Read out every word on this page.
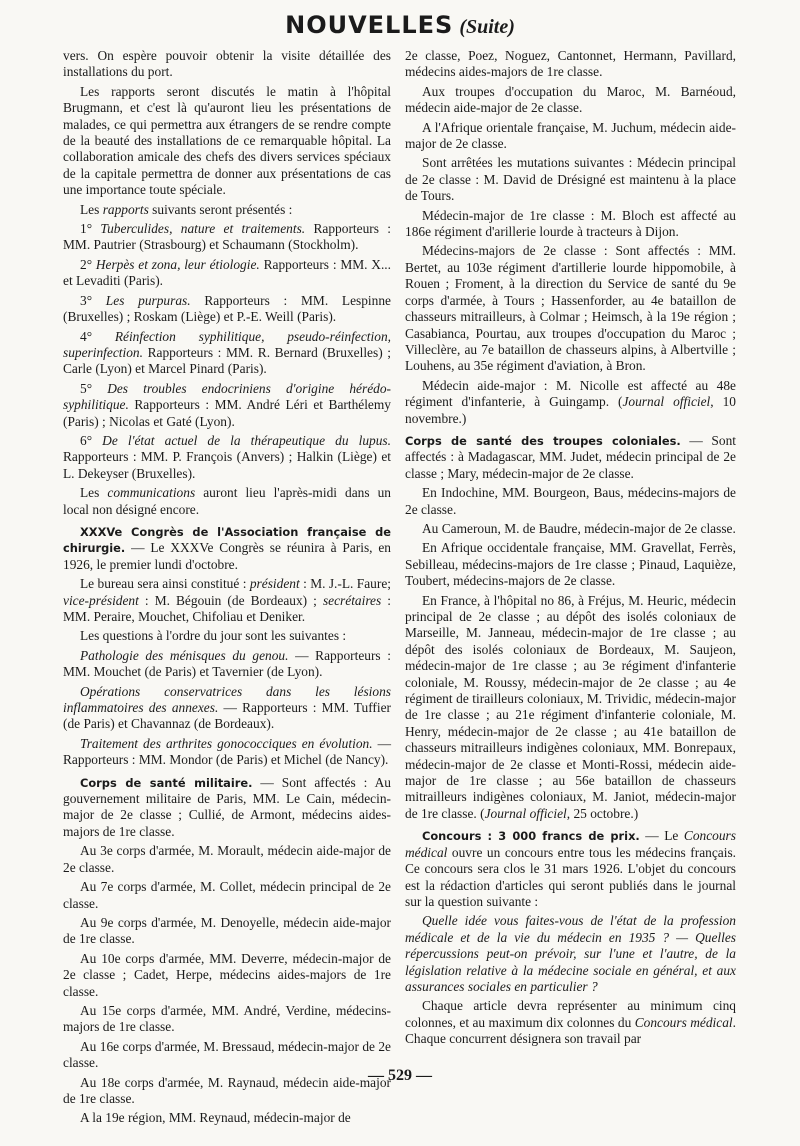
NOUVELLES (Suite)

vers. On espère pouvoir obtenir la visite détaillée des installations du port.

Les rapports seront discutés le matin à l'hôpital Brugmann, et c'est là qu'auront lieu les présentations de malades, ce qui permettra aux étrangers de se rendre compte de la beauté des installations de ce remarquable hôpital. La collaboration amicale des chefs des divers services spéciaux de la capitale permettra de donner aux présentations de cas une importance toute spéciale.

Les rapports suivants seront présentés :

1° Tuberculides, nature et traitements. Rapporteurs : MM. Pautrier (Strasbourg) et Schaumann (Stockholm).

2° Herpès et zona, leur étiologie. Rapporteurs : MM. X... et Levaditi (Paris).

3° Les purpuras. Rapporteurs : MM. Lespinne (Bruxelles) ; Roskam (Liège) et P.-E. Weill (Paris).

4° Réinfection syphilitique, pseudo-réinfection, superinfection. Rapporteurs : MM. R. Bernard (Bruxelles) ; Carle (Lyon) et Marcel Pinard (Paris).

5° Des troubles endocriniens d'origine hérédo-syphilitique. Rapporteurs : MM. André Léri et Barthélemy (Paris) ; Nicolas et Gaté (Lyon).

6° De l'état actuel de la thérapeutique du lupus. Rapporteurs : MM. P. François (Anvers) ; Halkin (Liège) et L. Dekeyser (Bruxelles).

Les communications auront lieu l'après-midi dans un local non désigné encore.

XXXVe Congrès de l'Association française de chirurgie. — Le XXXVe Congrès se réunira à Paris, en 1926, le premier lundi d'octobre.

Le bureau sera ainsi constitué : président : M. J.-L. Faure; vice-président : M. Bégouin (de Bordeaux) ; secrétaires : MM. Peraire, Mouchet, Chifoliau et Deniker.

Les questions à l'ordre du jour sont les suivantes :

Pathologie des ménisques du genou. — Rapporteurs : MM. Mouchet (de Paris) et Tavernier (de Lyon).

Opérations conservatrices dans les lésions inflammatoires des annexes. — Rapporteurs : MM. Tuffier (de Paris) et Chavannaz (de Bordeaux).

Traitement des arthrites gonococciques en évolution. — Rapporteurs : MM. Mondor (de Paris) et Michel (de Nancy).

Corps de santé militaire. — Sont affectés : Au gouvernement militaire de Paris, MM. Le Cain, médecin-major de 2e classe ; Cullié, de Armont, médecins aides-majors de 1re classe.

Au 3e corps d'armée, M. Morault, médecin aide-major de 2e classe.

Au 7e corps d'armée, M. Collet, médecin principal de 2e classe.

Au 9e corps d'armée, M. Denoyelle, médecin aide-major de 1re classe.

Au 10e corps d'armée, MM. Deverre, médecin-major de 2e classe ; Cadet, Herpe, médecins aides-majors de 1re classe.

Au 15e corps d'armée, MM. André, Verdine, médecins-majors de 1re classe.

Au 16e corps d'armée, M. Bressaud, médecin-major de 2e classe.

Au 18e corps d'armée, M. Raynaud, médecin aide-major de 1re classe.

A la 19e région, MM. Reynaud, médecin-major de

2e classe, Poez, Noguez, Cantonnet, Hermann, Pavillard, médecins aides-majors de 1re classe.

Aux troupes d'occupation du Maroc, M. Barnéoud, médecin aide-major de 2e classe.

A l'Afrique orientale française, M. Juchum, médecin aide-major de 2e classe.

Sont arrêtées les mutations suivantes : Médecin principal de 2e classe : M. David de Drésigné est maintenu à la place de Tours.

Médecin-major de 1re classe : M. Bloch est affecté au 186e régiment d'arillerie lourde à tracteurs à Dijon.

Médecins-majors de 2e classe : Sont affectés : MM. Bertet, au 103e régiment d'artillerie lourde hippomobile, à Rouen ; Froment, à la direction du Service de santé du 9e corps d'armée, à Tours ; Hassenforder, au 4e bataillon de chasseurs mitrailleurs, à Colmar ; Heimsch, à la 19e région ; Casabianca, Pourtau, aux troupes d'occupation du Maroc ; Villeclère, au 7e bataillon de chasseurs alpins, à Albertville ; Louhens, au 35e régiment d'aviation, à Bron.

Médecin aide-major : M. Nicolle est affecté au 48e régiment d'infanterie, à Guingamp. (Journal officiel, 10 novembre.)

Corps de santé des troupes coloniales. — Sont affectés : à Madagascar, MM. Judet, médecin principal de 2e classe ; Mary, médecin-major de 2e classe.

En Indochine, MM. Bourgeon, Baus, médecins-majors de 2e classe.

Au Cameroun, M. de Baudre, médecin-major de 2e classe.

En Afrique occidentale française, MM. Gravellat, Ferrès, Sebilleau, médecins-majors de 1re classe ; Pinaud, Laquièze, Toubert, médecins-majors de 2e classe.

En France, à l'hôpital no 86, à Fréjus, M. Heuric, médecin principal de 2e classe ; au dépôt des isolés coloniaux de Marseille, M. Janneau, médecin-major de 1re classe ; au dépôt des isolés coloniaux de Bordeaux, M. Saujeon, médecin-major de 1re classe ; au 3e régiment d'infanterie coloniale, M. Roussy, médecin-major de 2e classe ; au 4e régiment de tirailleurs coloniaux, M. Trividic, médecin-major de 1re classe ; au 21e régiment d'infanterie coloniale, M. Henry, médecin-major de 2e classe ; au 41e bataillon de chasseurs mitrailleurs indigènes coloniaux, MM. Bonrepaux, médecin-major de 2e classe et Monti-Rossi, médecin aide-major de 1re classe ; au 56e bataillon de chasseurs mitrailleurs indigènes coloniaux, M. Janiot, médecin-major de 1re classe. (Journal officiel, 25 octobre.)

Concours : 3 000 francs de prix. — Le Concours médical ouvre un concours entre tous les médecins français. Ce concours sera clos le 31 mars 1926. L'objet du concours est la rédaction d'articles qui seront publiés dans le journal sur la question suivante :

Quelle idée vous faites-vous de l'état de la profession médicale et de la vie du médecin en 1935 ? — Quelles répercussions peut-on prévoir, sur l'une et l'autre, de la législation relative à la médecine sociale en général, et aux assurances sociales en particulier ?

Chaque article devra représenter au minimum cinq colonnes, et au maximum dix colonnes du Concours médical. Chaque concurrent désignera son travail par

— 529 —
